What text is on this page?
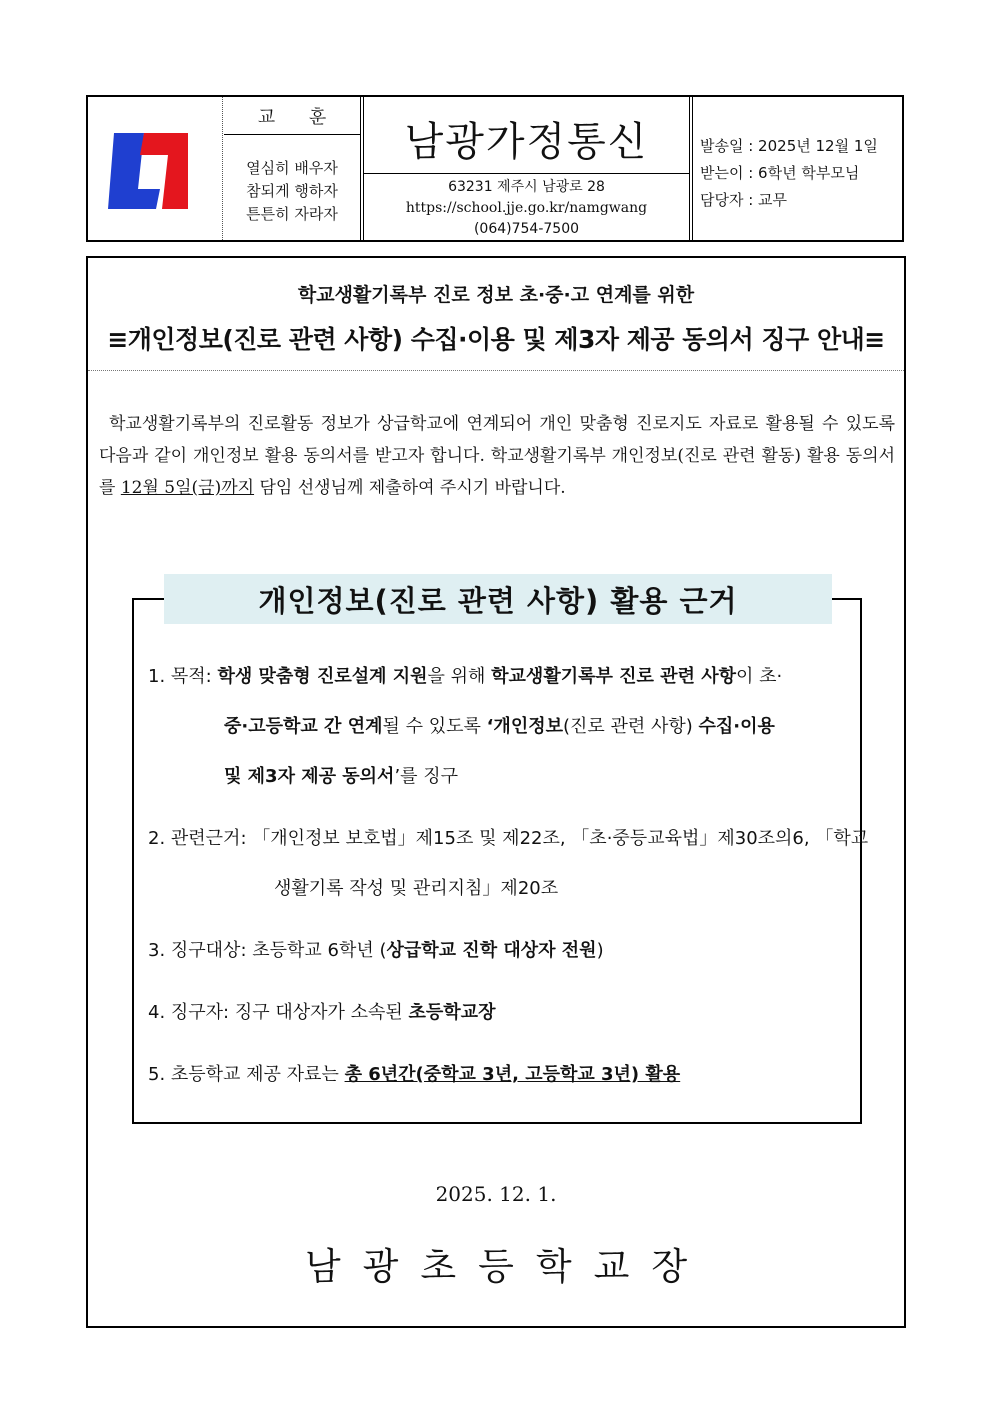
교 훈
열심히 배우자
참되게 행하자
튼튼히 자라자
남광가정통신
63231 제주시 남광로 28
https://school.jje.go.kr/namgwang
(064)754-7500
발송일 : 2025년 12월 1일
받는이 : 6학년 학부모님
담당자 : 교무
학교생활기록부 진로 정보 초·중·고 연계를 위한
≡개인정보(진로 관련 사항) 수집·이용 및 제3자 제공 동의서 징구 안내≡
학교생활기록부의 진로활동 정보가 상급학교에 연계되어 개인 맞춤형 진로지도 자료로 활용될 수 있도록 다음과 같이 개인정보 활용 동의서를 받고자 합니다. 학교생활기록부 개인정보(진로 관련 활동) 활용 동의서를 12월 5일(금)까지 담임 선생님께 제출하여 주시기 바랍니다.
개인정보(진로 관련 사항) 활용 근거
1. 목적: 학생 맞춤형 진로설계 지원을 위해 학교생활기록부 진로 관련 사항이 초·
중·고등학교 간 연계될 수 있도록 ‘개인정보(진로 관련 사항) 수집·이용
및 제3자 제공 동의서’를 징구
2. 관련근거: 「개인정보 보호법」제15조 및 제22조, 「초·중등교육법」제30조의6, 「학교
생활기록 작성 및 관리지침」제20조
3. 징구대상: 초등학교 6학년 (상급학교 진학 대상자 전원)
4. 징구자: 징구 대상자가 소속된 초등학교장
5. 초등학교 제공 자료는 총 6년간(중학교 3년, 고등학교 3년) 활용
2025. 12. 1.
남광초등학교장
